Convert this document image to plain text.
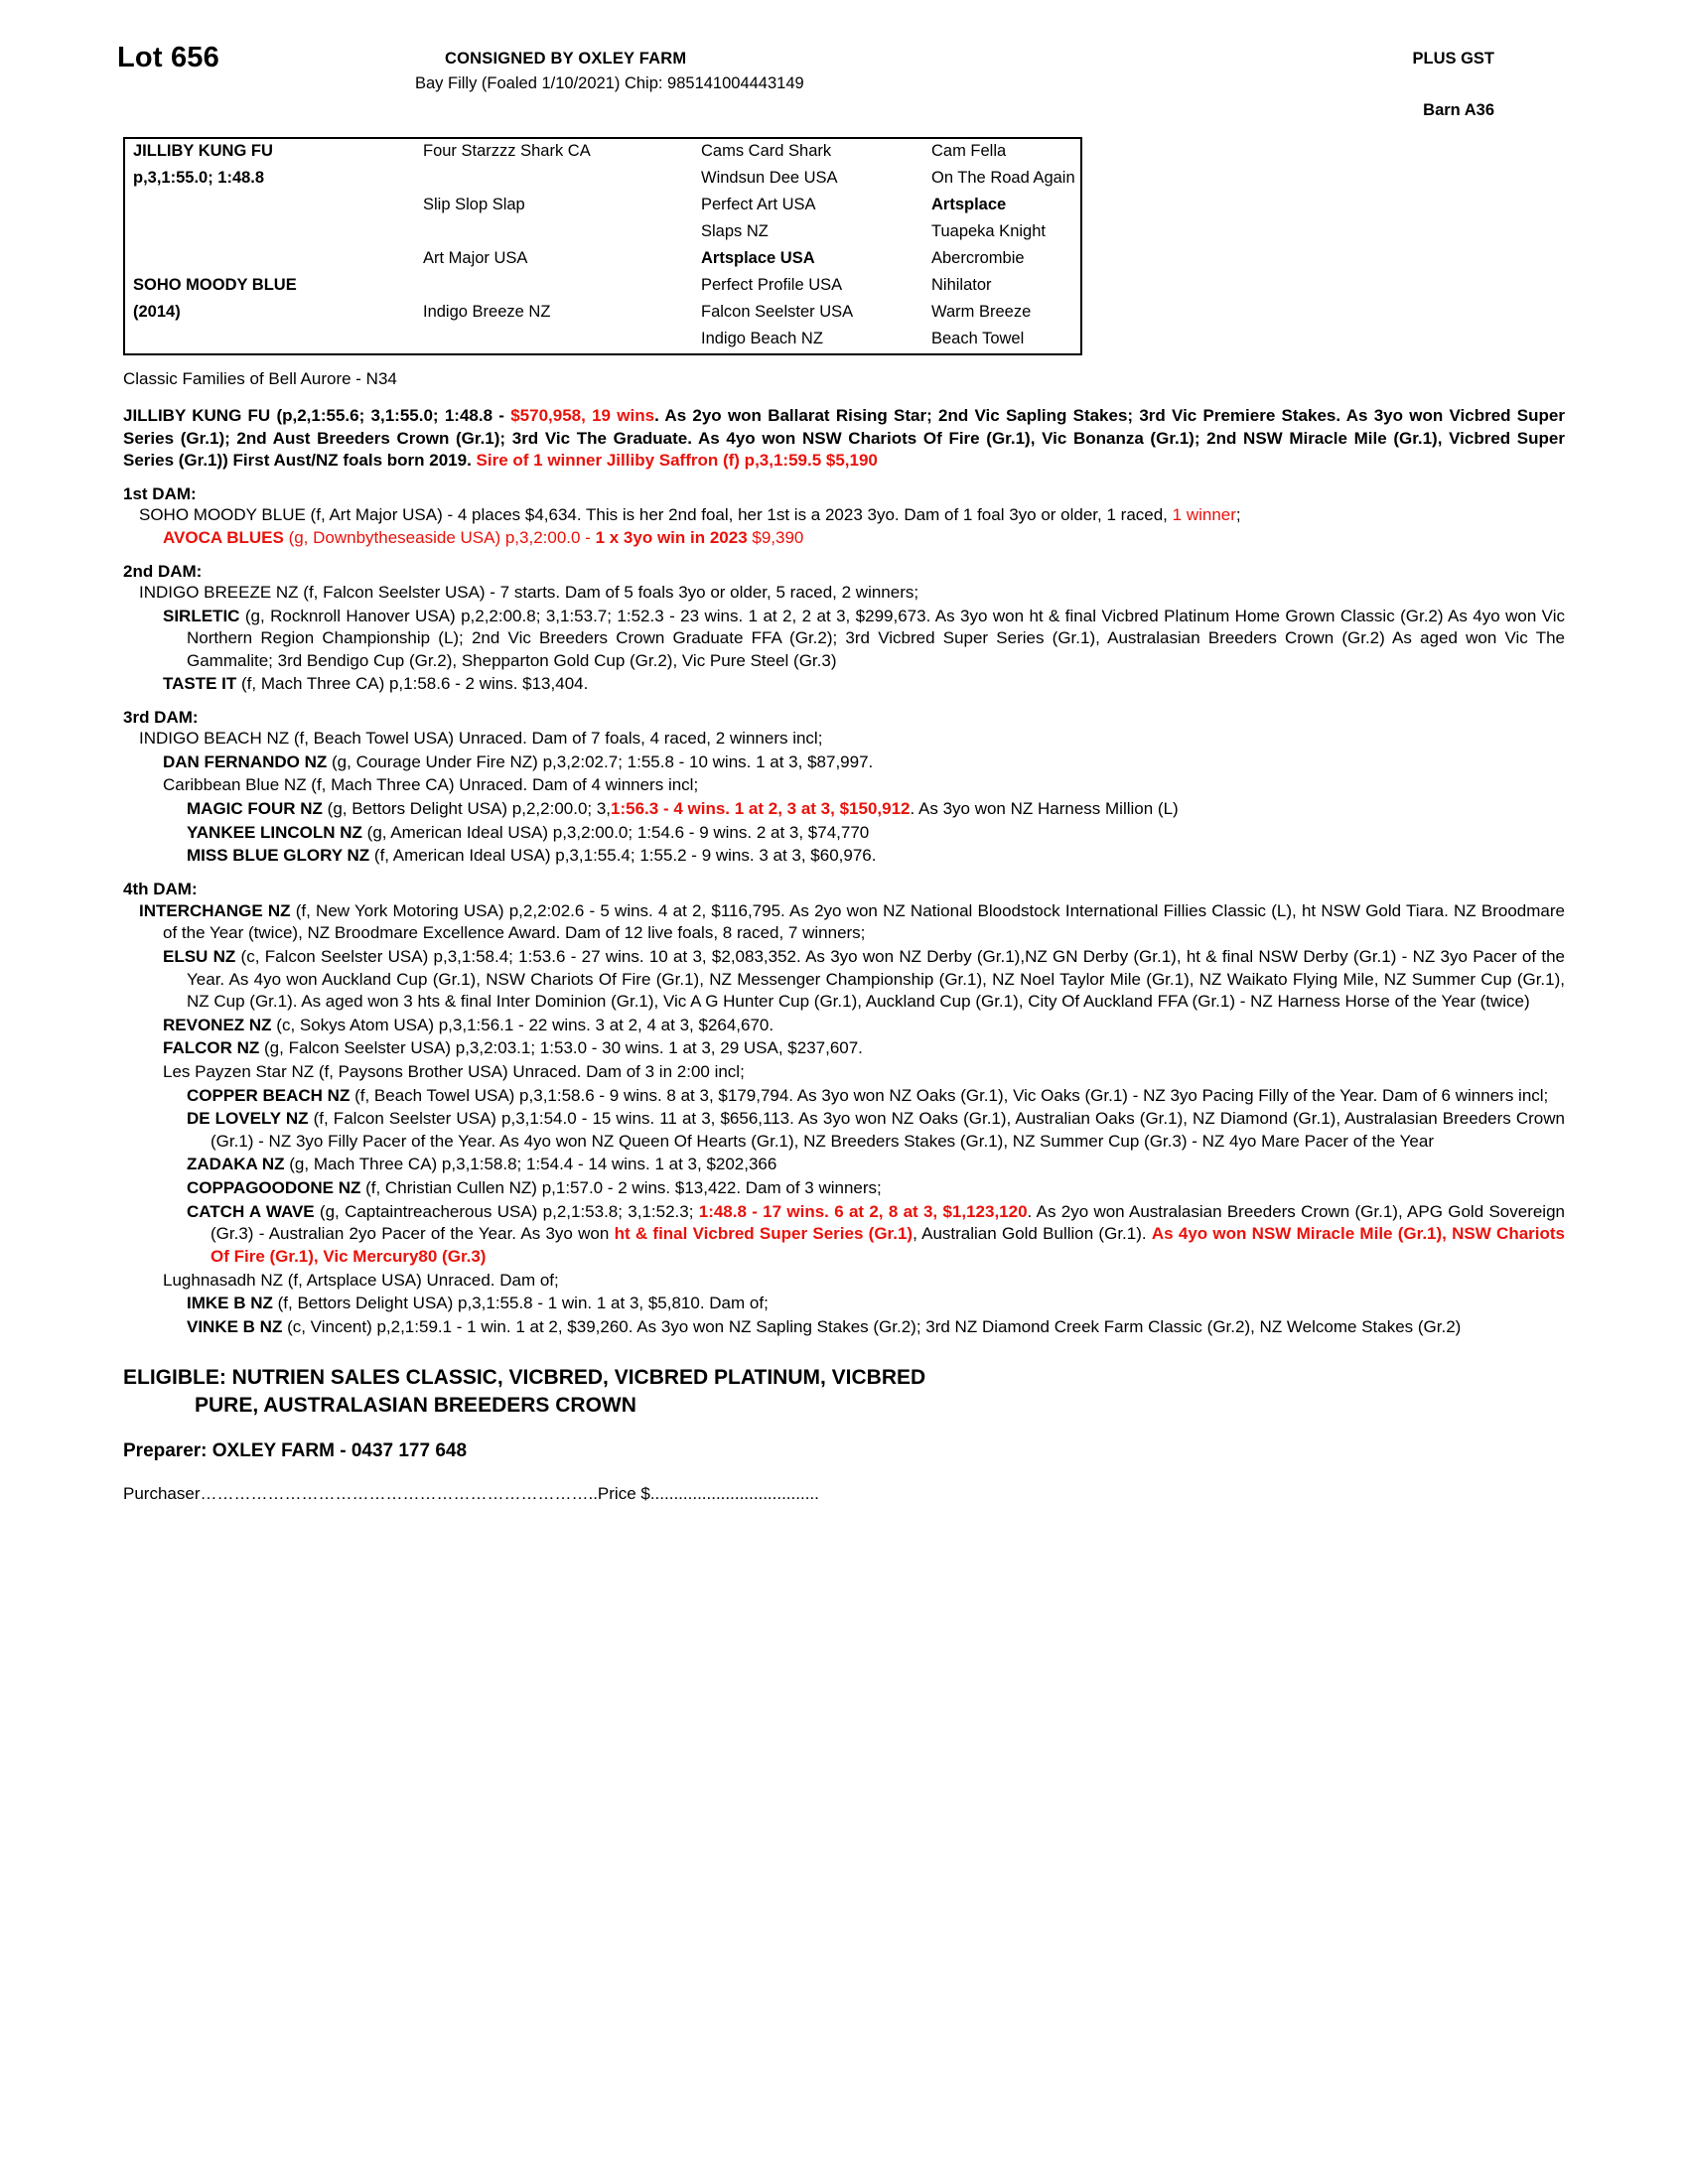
Lot 656	CONSIGNED BY OXLEY FARM	PLUS GST
Bay Filly (Foaled 1/10/2021) Chip: 985141004443149
Barn A36
JILLIBY KUNG FU	Four Starzzz Shark CA	Cams Card Shark	Cam Fella
p,3,1:55.0; 1:48.8		Windsun Dee USA	On The Road Again
	Slip Slop Slap	Perfect Art USA	Artsplace
		Slaps NZ	Tuapeka Knight
	Art Major USA	Artsplace USA	Abercrombie
SOHO MOODY BLUE		Perfect Profile USA	Nihilator
(2014)	Indigo Breeze NZ	Falcon Seelster USA	Warm Breeze
		Indigo Beach NZ	Beach Towel
Classic Families of Bell Aurore - N34
JILLIBY KUNG FU (p,2,1:55.6; 3,1:55.0; 1:48.8 - $570,958, 19 wins. As 2yo won Ballarat Rising Star; 2nd Vic Sapling Stakes; 3rd Vic Premiere Stakes. As 3yo won Vicbred Super Series (Gr.1); 2nd Aust Breeders Crown (Gr.1); 3rd Vic The Graduate. As 4yo won NSW Chariots Of Fire (Gr.1), Vic Bonanza (Gr.1); 2nd NSW Miracle Mile (Gr.1), Vicbred Super Series (Gr.1)) First Aust/NZ foals born 2019. Sire of 1 winner Jilliby Saffron (f) p,3,1:59.5 $5,190
1st DAM:
SOHO MOODY BLUE (f, Art Major USA) - 4 places $4,634. This is her 2nd foal, her 1st is a 2023 3yo. Dam of 1 foal 3yo or older, 1 raced, 1 winner;
AVOCA BLUES (g, Downbytheseaside USA) p,3,2:00.0 - 1 x 3yo win in 2023 $9,390
2nd DAM:
INDIGO BREEZE NZ (f, Falcon Seelster USA) - 7 starts. Dam of 5 foals 3yo or older, 5 raced, 2 winners;
SIRLETIC (g, Rocknroll Hanover USA) p,2,2:00.8; 3,1:53.7; 1:52.3 - 23 wins. 1 at 2, 2 at 3, $299,673. As 3yo won ht & final Vicbred Platinum Home Grown Classic (Gr.2) As 4yo won Vic Northern Region Championship (L); 2nd Vic Breeders Crown Graduate FFA (Gr.2); 3rd Vicbred Super Series (Gr.1), Australasian Breeders Crown (Gr.2) As aged won Vic The Gammalite; 3rd Bendigo Cup (Gr.2), Shepparton Gold Cup (Gr.2), Vic Pure Steel (Gr.3)
TASTE IT (f, Mach Three CA) p,1:58.6 - 2 wins. $13,404.
3rd DAM:
INDIGO BEACH NZ (f, Beach Towel USA) Unraced. Dam of 7 foals, 4 raced, 2 winners incl;
DAN FERNANDO NZ (g, Courage Under Fire NZ) p,3,2:02.7; 1:55.8 - 10 wins. 1 at 3, $87,997.
Caribbean Blue NZ (f, Mach Three CA) Unraced. Dam of 4 winners incl;
MAGIC FOUR NZ (g, Bettors Delight USA) p,2,2:00.0; 3,1:56.3 - 4 wins. 1 at 2, 3 at 3, $150,912. As 3yo won NZ Harness Million (L)
YANKEE LINCOLN NZ (g, American Ideal USA) p,3,2:00.0; 1:54.6 - 9 wins. 2 at 3, $74,770
MISS BLUE GLORY NZ (f, American Ideal USA) p,3,1:55.4; 1:55.2 - 9 wins. 3 at 3, $60,976.
4th DAM:
INTERCHANGE NZ (f, New York Motoring USA) p,2,2:02.6 - 5 wins. 4 at 2, $116,795. As 2yo won NZ National Bloodstock International Fillies Classic (L), ht NSW Gold Tiara. NZ Broodmare of the Year (twice), NZ Broodmare Excellence Award. Dam of 12 live foals, 8 raced, 7 winners;
ELSU NZ (c, Falcon Seelster USA) p,3,1:58.4; 1:53.6 - 27 wins. 10 at 3, $2,083,352. As 3yo won NZ Derby (Gr.1),NZ GN Derby (Gr.1), ht & final NSW Derby (Gr.1) - NZ 3yo Pacer of the Year. As 4yo won Auckland Cup (Gr.1), NSW Chariots Of Fire (Gr.1), NZ Messenger Championship (Gr.1), NZ Noel Taylor Mile (Gr.1), NZ Waikato Flying Mile, NZ Summer Cup (Gr.1), NZ Cup (Gr.1). As aged won 3 hts & final Inter Dominion (Gr.1), Vic A G Hunter Cup (Gr.1), Auckland Cup (Gr.1), City Of Auckland FFA (Gr.1) - NZ Harness Horse of the Year (twice)
REVONEZ NZ (c, Sokys Atom USA) p,3,1:56.1 - 22 wins. 3 at 2, 4 at 3, $264,670.
FALCOR NZ (g, Falcon Seelster USA) p,3,2:03.1; 1:53.0 - 30 wins. 1 at 3, 29 USA, $237,607.
Les Payzen Star NZ (f, Paysons Brother USA) Unraced. Dam of 3 in 2:00 incl;
COPPER BEACH NZ (f, Beach Towel USA) p,3,1:58.6 - 9 wins. 8 at 3, $179,794. As 3yo won NZ Oaks (Gr.1), Vic Oaks (Gr.1) - NZ 3yo Pacing Filly of the Year. Dam of 6 winners incl;
DE LOVELY NZ (f, Falcon Seelster USA) p,3,1:54.0 - 15 wins. 11 at 3, $656,113. As 3yo won NZ Oaks (Gr.1), Australian Oaks (Gr.1), NZ Diamond (Gr.1), Australasian Breeders Crown (Gr.1) - NZ 3yo Filly Pacer of the Year. As 4yo won NZ Queen Of Hearts (Gr.1), NZ Breeders Stakes (Gr.1), NZ Summer Cup (Gr.3) - NZ 4yo Mare Pacer of the Year
ZADAKA NZ (g, Mach Three CA) p,3,1:58.8; 1:54.4 - 14 wins. 1 at 3, $202,366
COPPAGOODONE NZ (f, Christian Cullen NZ) p,1:57.0 - 2 wins. $13,422. Dam of 3 winners;
CATCH A WAVE (g, Captaintreacherous USA) p,2,1:53.8; 3,1:52.3; 1:48.8 - 17 wins. 6 at 2, 8 at 3, $1,123,120. As 2yo won Australasian Breeders Crown (Gr.1), APG Gold Sovereign (Gr.3) - Australian 2yo Pacer of the Year. As 3yo won ht & final Vicbred Super Series (Gr.1), Australian Gold Bullion (Gr.1). As 4yo won NSW Miracle Mile (Gr.1), NSW Chariots Of Fire (Gr.1), Vic Mercury80 (Gr.3)
Lughnasadh NZ (f, Artsplace USA) Unraced. Dam of;
IMKE B NZ (f, Bettors Delight USA) p,3,1:55.8 - 1 win. 1 at 3, $5,810. Dam of;
VINKE B NZ (c, Vincent) p,2,1:59.1 - 1 win. 1 at 2, $39,260. As 3yo won NZ Sapling Stakes (Gr.2); 3rd NZ Diamond Creek Farm Classic (Gr.2), NZ Welcome Stakes (Gr.2)
ELIGIBLE: NUTRIEN SALES CLASSIC, VICBRED, VICBRED PLATINUM, VICBRED
PURE, AUSTRALASIAN BREEDERS CROWN
Preparer: OXLEY FARM - 0437 177 648
Purchaser……………………………………………………………..Price $....................................
